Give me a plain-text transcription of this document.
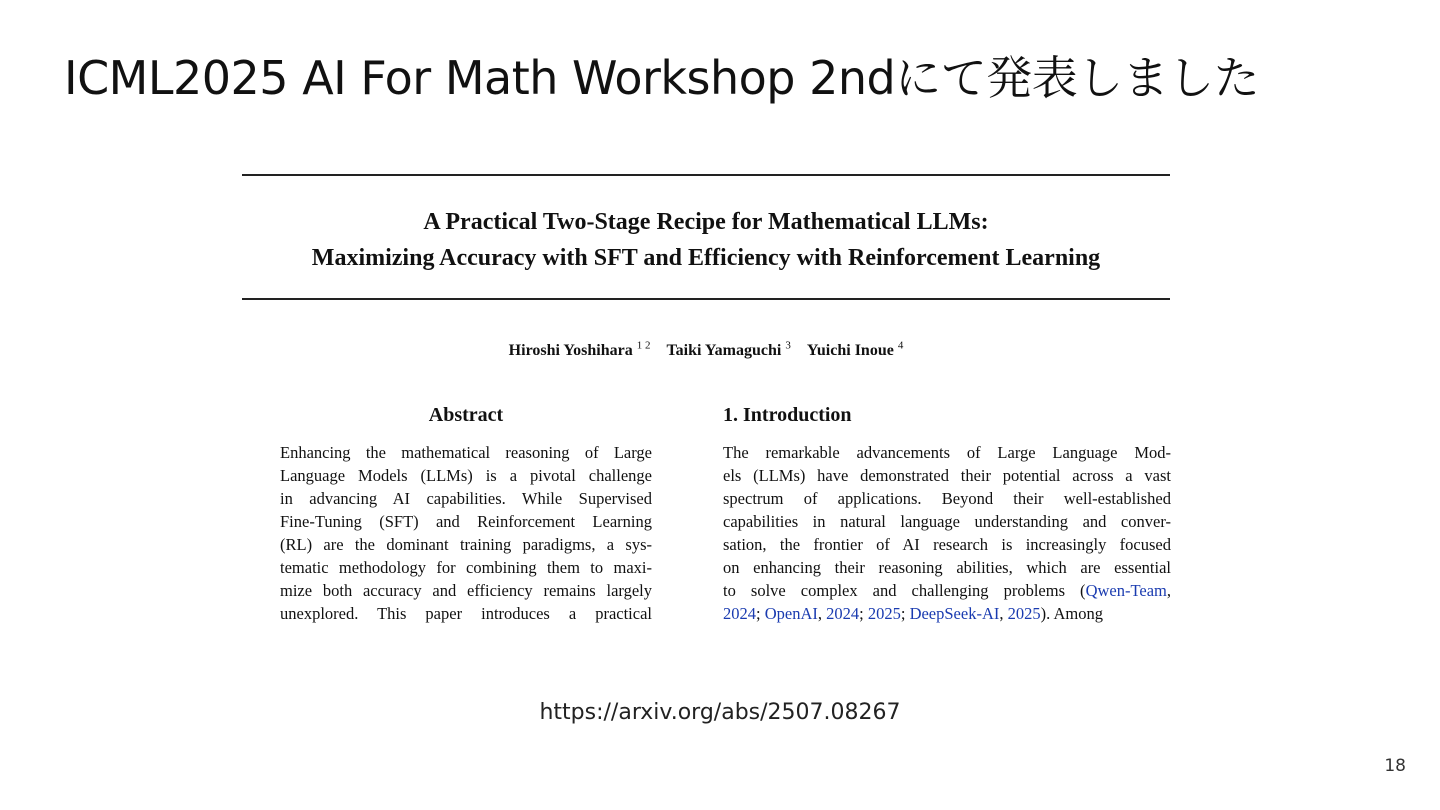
ICML2025 AI For Math Workshop 2ndにて発表しました
A Practical Two-Stage Recipe for Mathematical LLMs:
Maximizing Accuracy with SFT and Efficiency with Reinforcement Learning
Hiroshi Yoshihara $^{1 2}$ Taiki Yamaguchi $^3$ Yuichi Inoue $^4$
Abstract
Enhancing the mathematical reasoning of Large
Language Models (LLMs) is a pivotal challenge
in advancing AI capabilities. While Supervised
Fine-Tuning (SFT) and Reinforcement Learning
(RL) are the dominant training paradigms, a sys-
tematic methodology for combining them to maxi-
mize both accuracy and efficiency remains largely
unexplored. This paper introduces a practical
1. Introduction
The remarkable advancements of Large Language Mod-
els (LLMs) have demonstrated their potential across a vast
spectrum of applications. Beyond their well-established
capabilities in natural language understanding and conver-
sation, the frontier of AI research is increasingly focused
on enhancing their reasoning abilities, which are essential
to solve complex and challenging problems (Qwen-Team,
2024; OpenAI, 2024; 2025; DeepSeek-AI, 2025). Among
https://arxiv.org/abs/2507.08267
18
